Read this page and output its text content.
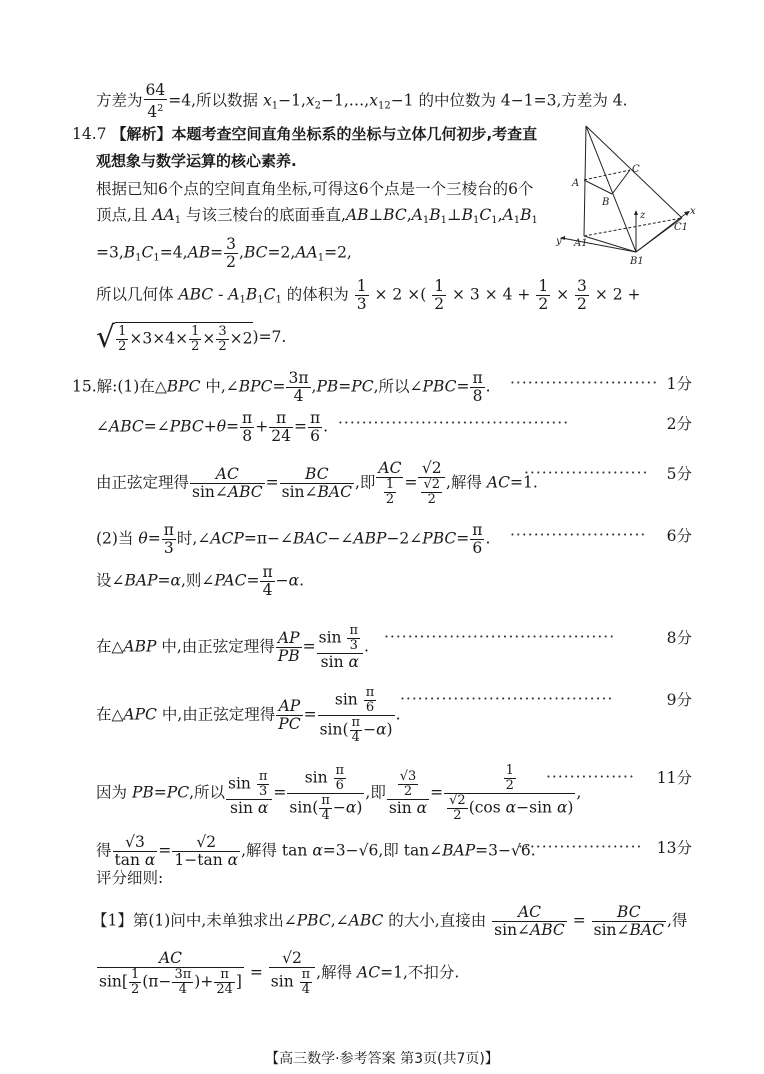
方差为 $\frac{64}{4^2} =4$,所以数据 $x_1-1,x_2-1,\dots,x_{12}-1$ 的中位数为 4−1=3,方差为 4.
14.7 【解析】本题考查空间直角坐标系的坐标与立体几何初步,考查直
观想象与数学运算的核心素养.
根据已知6个点的空间直角坐标,可得这6个点是一个三棱台的6个
顶点,且 $AA_1$ 与该三棱台的底面垂直$,AB\perp BC,A_1B_1\perp B_1C_1,A_1B_1$
$=3,B_1C_1=4,AB= \frac{3}{2} ,BC=2,AA_1=2$,
A
B
C
A1
B1
C1
x
y
z
所以几何体 ABC - $A_1B_1C_1$ 的体积为 $\frac{1}{3} \times 2$ ×( $\frac{1}{2} \times 3 \times 4 + \frac{1}{2} \times \frac{3}{2} \times 2$ +
√ $\frac{1}{2} \times 3\times 4\times \frac{1}{2} \times \frac{3}{2} \times 2)=7$.
15.解:(1)在△BPC 中,∠BPC= $\frac{3\pi}{4} ,PB=PC$,所以∠PBC= $\frac{\pi}{8}$ . ························· 1分
∠ABC=∠PBC+θ= $\frac{\pi}{8} + \frac{\pi}{24} = \frac{\pi}{6}$ . ·······································	2分
由正弦定理得 $\frac{AC}{\text{sin∠ABC}} = \frac{BC}{\text{sin∠BAC}}$ ,即 $\frac{AC}{\frac{1}{2}} = \frac{√2}{\frac{√2}{2}}$ ,解得 AC=1.
····················· 5分
(2)当 $\theta= \frac{\pi}{3}$ 时,∠ACP=π−∠BAC−∠ABP−2∠PBC= $\frac{\pi}{6}$ . ······················· 6分
设∠BAP=α,则∠PAC= $\frac{\pi}{4} -\alpha$.
在△ABP 中,由正弦定理得 $\frac{AP}{PB} = \frac{\sin \frac{\pi}{3}}{\text{sin α}}$ .
·······································	8分
在△APC 中,由正弦定理得 $\frac{AP}{PC} = \frac{\sin \frac{\pi}{6}}{\sin( \frac{\pi}{4} -\alpha)}$ .
····································	9分
因为 PB=PC,所以 $\frac{\sin \frac{\pi}{3}}{\text{sin α}} = \frac{\sin \frac{\pi}{6}}{\sin( \frac{\pi}{4} -\alpha)}$ ,即 $\frac{\frac{√3}{2}}{\text{sin α}} = \frac{\frac{1}{2}}{\frac{√2}{2} (\cos \alpha-\sin \alpha)}$ ,
··············· 11分
得 $\frac{√3}{\text{tan α}} = \frac{√2}{\text{1−tan α}}$ ,解得 tan α=3−√6,即 tan∠BAP=3−√6.
····················· 13分
评分细则:
【1】第(1)问中,未单独求出∠PBC,∠ABC 的大小,直接由 $\frac{AC}{\text{sin∠ABC}} = \frac{BC}{\text{sin∠BAC}}$ ,得
$\frac{AC}{\sin[ \frac{1}{2} (\pi- \frac{3\pi}{4} )+ \frac{\pi}{24} ]} = \frac{√2}{\sin \frac{\pi}{4}}$ ,解得 AC=1,不扣分.
【高三数学·参考答案 第3页(共7页)】
